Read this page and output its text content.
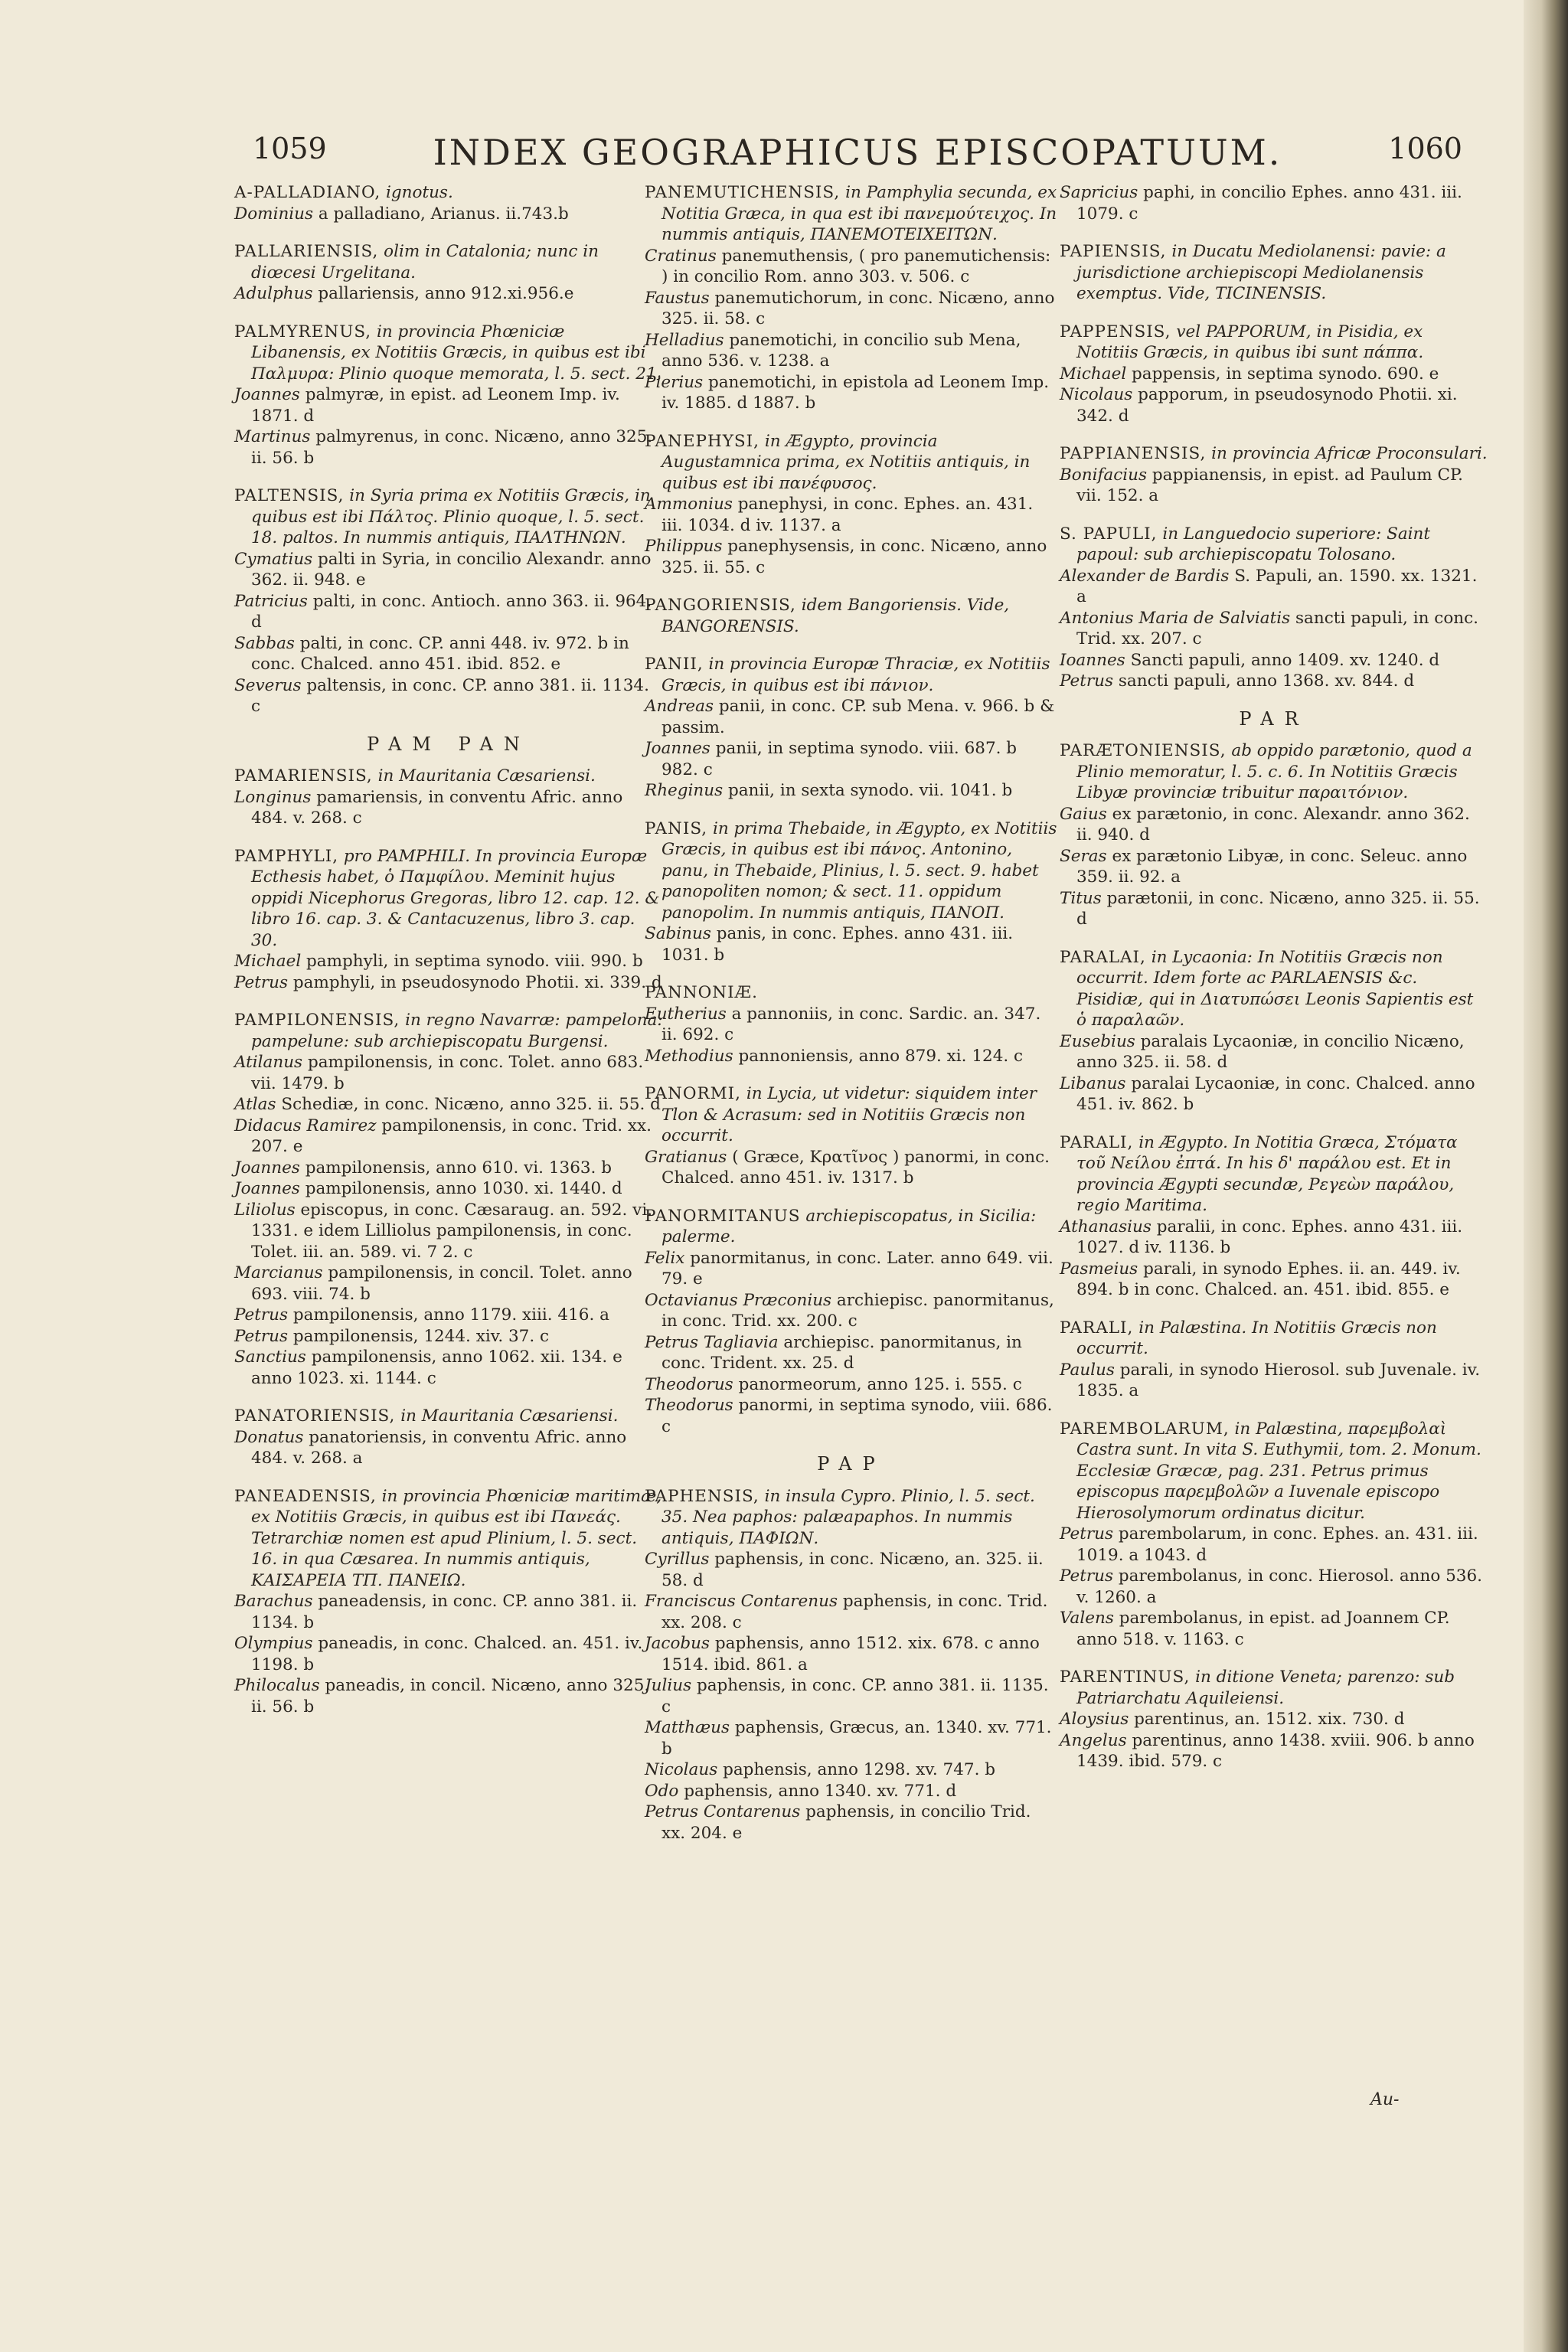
1059	INDEX GEOGRAPHICUS EPISCOPATUUM.	1060
A-PALLADIANO, ignotus.
Dominius a palladiano, Arianus. ii.743.b
PALLARIENSIS, olim in Catalonia; nunc in diœcesi Urgelitana.
Adulphus pallariensis, anno 912.xi.956.e
PALMYRENUS, in provincia Phœniciæ Libanensis, ex Notitiis Græcis, in quibus est ibi Παλμυρα: Plinio quoque memorata, l. 5. sect. 21.
Joannes palmyræ, in epist. ad Leonem Imp. iv. 1871. d
Martinus palmyrenus, in conc. Nicæno, anno 325. ii. 56. b
PALTENSIS, in Syria prima ex Notitiis Græcis, in quibus est ibi Πάλτος. Plinio quoque, l. 5. sect. 18. paltos. In nummis antiquis, ΠΑΛΤΗΝΩΝ.
Cymatius palti in Syria, in concilio Alexandr. anno 362. ii. 948. e
Patricius palti, in conc. Antioch. anno 363. ii. 964. d
Sabbas palti, in conc. CP. anni 448. iv. 972. b in conc. Chalced. anno 451. ibid. 852. e
Severus paltensis, in conc. CP. anno 381. ii. 1134. c
PAM PAN
PAMARIENSIS, in Mauritania Cæsariensi.
Longinus pamariensis, in conventu Afric. anno 484. v. 268. c
PAMPHYLI, pro PAMPHILI. In provincia Europæ Ecthesis habet, ὁ Παμφίλου. Meminit hujus oppidi Nicephorus Gregoras, libro 12. cap. 12. & libro 16. cap. 3. & Cantacuzenus, libro 3. cap. 30.
Michael pamphyli, in septima synodo. viii. 990. b
Petrus pamphyli, in pseudosynodo Photii. xi. 339. d
PAMPILONENSIS, in regno Navarræ: pampelona: pampelune: sub archiepiscopatu Burgensi.
Atilanus pampilonensis, in conc. Tolet. anno 683. vii. 1479. b
Atlas Schediæ, in conc. Nicæno, anno 325. ii. 55. d
Didacus Ramirez pampilonensis, in conc. Trid. xx. 207. e
Joannes pampilonensis, anno 610. vi. 1363. b
Joannes pampilonensis, anno 1030. xi. 1440. d
Liliolus episcopus, in conc. Cæsaraug. an. 592. vi. 1331. e idem Lilliolus pampilonensis, in conc. Tolet. iii. an. 589. vi. 7 2. c
Marcianus pampilonensis, in concil. Tolet. anno 693. viii. 74. b
Petrus pampilonensis, anno 1179. xiii. 416. a
Petrus pampilonensis, 1244. xiv. 37. c
Sanctius pampilonensis, anno 1062. xii. 134. e anno 1023. xi. 1144. c
PANATORIENSIS, in Mauritania Cæsariensi.
Donatus panatoriensis, in conventu Afric. anno 484. v. 268. a
PANEADENSIS, in provincia Phœniciæ maritimæ, ex Notitiis Græcis, in quibus est ibi Πανεάς. Tetrarchiæ nomen est apud Plinium, l. 5. sect. 16. in qua Cæsarea. In nummis antiquis, ΚΑΙΣΑΡΕΙΑ ΤΠ. ΠΑΝΕΙΩ.
Barachus paneadensis, in conc. CP. anno 381. ii. 1134. b
Olympius paneadis, in conc. Chalced. an. 451. iv. 1198. b
Philocalus paneadis, in concil. Nicæno, anno 325. ii. 56. b
PANEMUTICHENSIS, in Pamphylia secunda, ex Notitia Græca, in qua est ibi πανεμούτειχος. In nummis antiquis, ΠΑΝΕΜΟΤΕΙΧΕΙΤΩΝ.
Cratinus panemuthensis, ( pro panemutichensis: ) in concilio Rom. anno 303. v. 506. c
Faustus panemutichorum, in conc. Nicæno, anno 325. ii. 58. c
Helladius panemotichi, in concilio sub Mena, anno 536. v. 1238. a
Pierius panemotichi, in epistola ad Leonem Imp. iv. 1885. d 1887. b
PANEPHYSI, in Ægypto, provincia Augustamnica prima, ex Notitiis antiquis, in quibus est ibi πανέφυσος.
Ammonius panephysi, in conc. Ephes. an. 431. iii. 1034. d iv. 1137. a
Philippus panephysensis, in conc. Nicæno, anno 325. ii. 55. c
PANGORIENSIS, idem Bangoriensis. Vide, BANGORENSIS.
PANII, in provincia Europæ Thraciæ, ex Notitiis Græcis, in quibus est ibi πάνιον.
Andreas panii, in conc. CP. sub Mena. v. 966. b & passim.
Joannes panii, in septima synodo. viii. 687. b 982. c
Rheginus panii, in sexta synodo. vii. 1041. b
PANIS, in prima Thebaide, in Ægypto, ex Notitiis Græcis, in quibus est ibi πάνος. Antonino, panu, in Thebaide, Plinius, l. 5. sect. 9. habet panopoliten nomon; & sect. 11. oppidum panopolim. In nummis antiquis, ΠΑΝΟΠ.
Sabinus panis, in conc. Ephes. anno 431. iii. 1031. b
PANNONIÆ.
Eutherius a pannoniis, in conc. Sardic. an. 347. ii. 692. c
Methodius pannoniensis, anno 879. xi. 124. c
PANORMI, in Lycia, ut videtur: siquidem inter Tlon & Acrasum: sed in Notitiis Græcis non occurrit.
Gratianus ( Græce, Κρατῖνος ) panormi, in conc. Chalced. anno 451. iv. 1317. b
PANORMITANUS archiepiscopatus, in Sicilia: palerme.
Felix panormitanus, in conc. Later. anno 649. vii. 79. e
Octavianus Præconius archiepisc. panormitanus, in conc. Trid. xx. 200. c
Petrus Tagliavia archiepisc. panormitanus, in conc. Trident. xx. 25. d
Theodorus panormeorum, anno 125. i. 555. c
Theodorus panormi, in septima synodo, viii. 686. c
PAP
PAPHENSIS, in insula Cypro. Plinio, l. 5. sect. 35. Nea paphos: palæapaphos. In nummis antiquis, ΠΑΦΙΩΝ.
Cyrillus paphensis, in conc. Nicæno, an. 325. ii. 58. d
Franciscus Contarenus paphensis, in conc. Trid. xx. 208. c
Jacobus paphensis, anno 1512. xix. 678. c anno 1514. ibid. 861. a
Julius paphensis, in conc. CP. anno 381. ii. 1135. c
Matthæus paphensis, Græcus, an. 1340. xv. 771. b
Nicolaus paphensis, anno 1298. xv. 747. b
Odo paphensis, anno 1340. xv. 771. d
Petrus Contarenus paphensis, in concilio Trid. xx. 204. e
Sapricius paphi, in concilio Ephes. anno 431. iii. 1079. c
PAPIENSIS, in Ducatu Mediolanensi: pavie: a jurisdictione archiepiscopi Mediolanensis exemptus. Vide, TICINENSIS.
PAPPENSIS, vel PAPPORUM, in Pisidia, ex Notitiis Græcis, in quibus ibi sunt πάππα.
Michael pappensis, in septima synodo. 690. e
Nicolaus papporum, in pseudosynodo Photii. xi. 342. d
PAPPIANENSIS, in provincia Africæ Proconsulari.
Bonifacius pappianensis, in epist. ad Paulum CP. vii. 152. a
S. PAPULI, in Languedocio superiore: Saint papoul: sub archiepiscopatu Tolosano.
Alexander de Bardis S. Papuli, an. 1590. xx. 1321. a
Antonius Maria de Salviatis sancti papuli, in conc. Trid. xx. 207. c
Ioannes Sancti papuli, anno 1409. xv. 1240. d
Petrus sancti papuli, anno 1368. xv. 844. d
PAR
PARÆTONIENSIS, ab oppido parætonio, quod a Plinio memoratur, l. 5. c. 6. In Notitiis Græcis Libyæ provinciæ tribuitur παραιτόνιον.
Gaius ex parætonio, in conc. Alexandr. anno 362. ii. 940. d
Seras ex parætonio Libyæ, in conc. Seleuc. anno 359. ii. 92. a
Titus parætonii, in conc. Nicæno, anno 325. ii. 55. d
PARALAI, in Lycaonia: In Notitiis Græcis non occurrit. Idem forte ac PARLAENSIS &c. Pisidiæ, qui in Διατυπώσει Leonis Sapientis est ὁ παραλαῶν.
Eusebius paralais Lycaoniæ, in concilio Nicæno, anno 325. ii. 58. d
Libanus paralai Lycaoniæ, in conc. Chalced. anno 451. iv. 862. b
PARALI, in Ægypto. In Notitia Græca, Στόματα τοῦ Νείλου ἐπτά. In his δ' παράλου est. Et in provincia Ægypti secundæ, Ρεγεὼν παράλου, regio Maritima.
Athanasius paralii, in conc. Ephes. anno 431. iii. 1027. d iv. 1136. b
Pasmeius parali, in synodo Ephes. ii. an. 449. iv. 894. b in conc. Chalced. an. 451. ibid. 855. e
PARALI, in Palæstina. In Notitiis Græcis non occurrit.
Paulus parali, in synodo Hierosol. sub Juvenale. iv. 1835. a
PAREMBOLARUM, in Palæstina, παρεμβολαὶ Castra sunt. In vita S. Euthymii, tom. 2. Monum. Ecclesiæ Græcæ, pag. 231. Petrus primus episcopus παρεμβολῶν a Iuvenale episcopo Hierosolymorum ordinatus dicitur.
Petrus parembolarum, in conc. Ephes. an. 431. iii. 1019. a 1043. d
Petrus parembolanus, in conc. Hierosol. anno 536. v. 1260. a
Valens parembolanus, in epist. ad Joannem CP. anno 518. v. 1163. c
PARENTINUS, in ditione Veneta; parenzo: sub Patriarchatu Aquileiensi.
Aloysius parentinus, an. 1512. xix. 730. d
Angelus parentinus, anno 1438. xviii. 906. b anno 1439. ibid. 579. c
Au-
